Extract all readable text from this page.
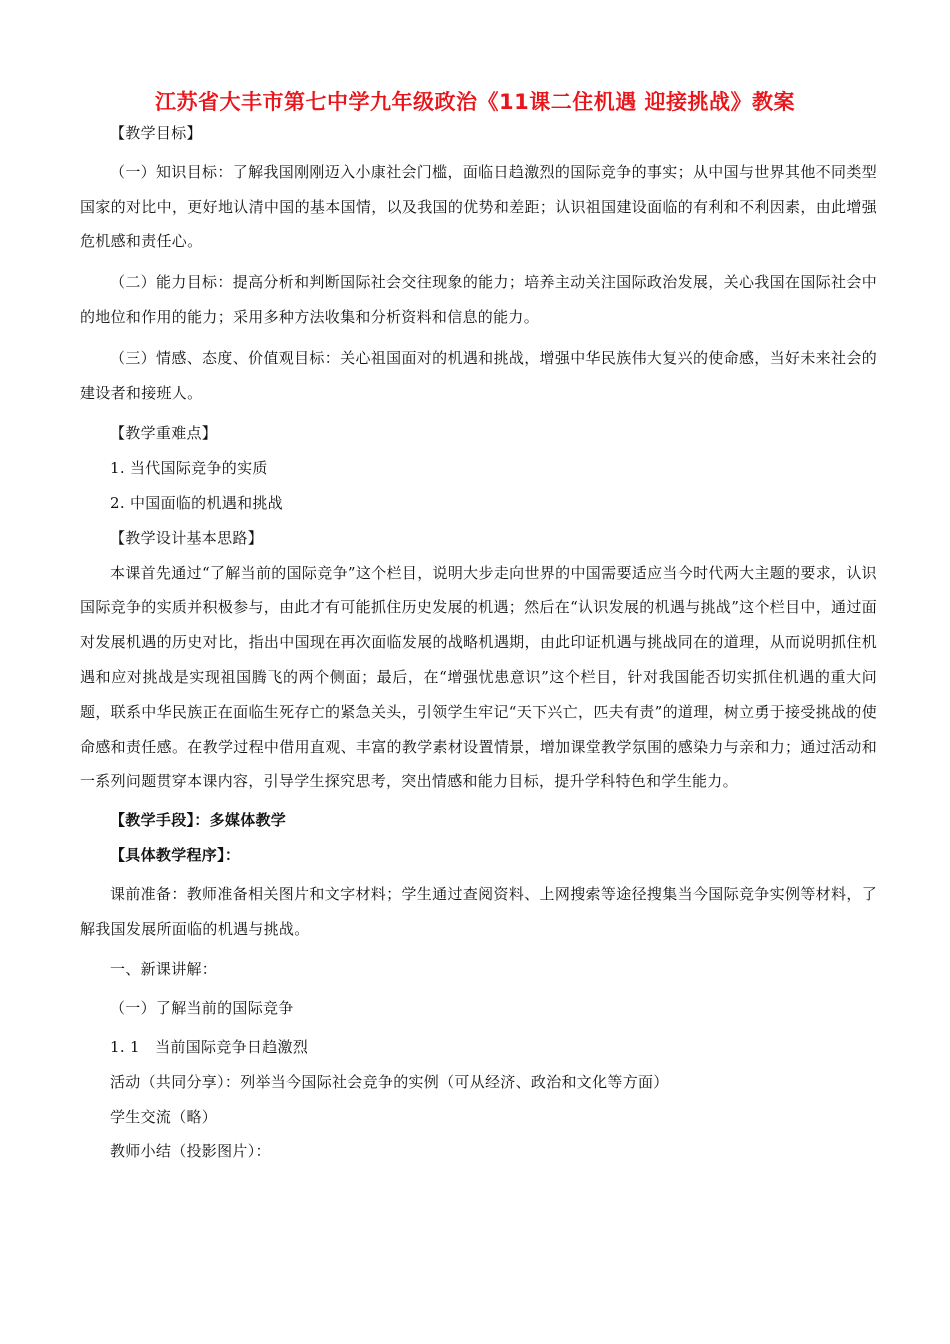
江苏省大丰市第七中学九年级政治《11课二住机遇 迎接挑战》教案

【教学目标】

（一）知识目标：了解我国刚刚迈入小康社会门槛，面临日趋激烈的国际竞争的事实；从中国与世界其他不同类型国家的对比中，更好地认清中国的基本国情，以及我国的优势和差距；认识祖国建设面临的有利和不利因素，由此增强危机感和责任心。

（二）能力目标：提高分析和判断国际社会交往现象的能力；培养主动关注国际政治发展，关心我国在国际社会中的地位和作用的能力；采用多种方法收集和分析资料和信息的能力。

（三）情感、态度、价值观目标：关心祖国面对的机遇和挑战，增强中华民族伟大复兴的使命感，当好未来社会的建设者和接班人。

【教学重难点】

1. 当代国际竞争的实质

2. 中国面临的机遇和挑战

【教学设计基本思路】

本课首先通过“了解当前的国际竞争”这个栏目，说明大步走向世界的中国需要适应当今时代两大主题的要求，认识国际竞争的实质并积极参与，由此才有可能抓住历史发展的机遇；然后在“认识发展的机遇与挑战”这个栏目中，通过面对发展机遇的历史对比，指出中国现在再次面临发展的战略机遇期，由此印证机遇与挑战同在的道理，从而说明抓住机遇和应对挑战是实现祖国腾飞的两个侧面；最后，在“增强忧患意识”这个栏目，针对我国能否切实抓住机遇的重大问题，联系中华民族正在面临生死存亡的紧急关头，引领学生牢记“天下兴亡，匹夫有责”的道理，树立勇于接受挑战的使命感和责任感。在教学过程中借用直观、丰富的教学素材设置情景，增加课堂教学氛围的感染力与亲和力；通过活动和一系列问题贯穿本课内容，引导学生探究思考，突出情感和能力目标，提升学科特色和学生能力。

【教学手段】：多媒体教学

【具体教学程序】：

课前准备：教师准备相关图片和文字材料；学生通过查阅资料、上网搜索等途径搜集当今国际竞争实例等材料，了解我国发展所面临的机遇与挑战。

一、新课讲解：

（一）了解当前的国际竞争

1. 1　当前国际竞争日趋激烈

活动（共同分享）：列举当今国际社会竞争的实例（可从经济、政治和文化等方面）

学生交流（略）

教师小结（投影图片）：
